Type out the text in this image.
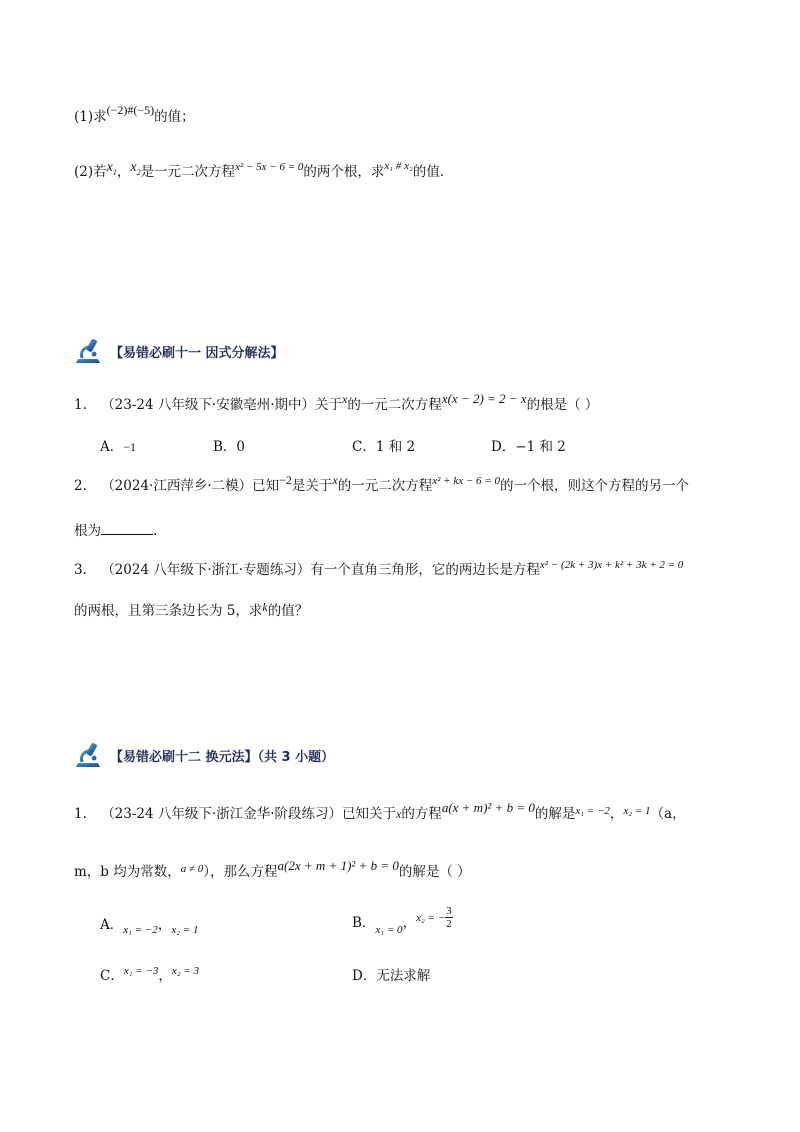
(1)求(−2)#(−5)的值；
(2)若$x_1$，$x_2$是一元二次方程$^{x^2 - 5x - 6 = 0}$的两个根，求$^{x_1 \# x_2}$的值.
【易错必刷十一 因式分解法】
1. （23-24 八年级下·安徽亳州·期中）关于x的一元二次方程x(x − 2) = 2 − x的根是（ ）
A．−1	B．0	C．1 和 2	D．−1 和 2
2. （2024·江西萍乡·二模）已知−2是关于x的一元二次方程$^{x^2 + kx - 6 = 0}$的一个根，则这个方程的另一个
根为	.
3. （2024 八年级下·浙江·专题练习）有一个直角三角形，它的两边长是方程$^{x^2 - (2k + 3)x + k^2 + 3k + 2 = 0}$
的两根，且第三条边长为 5，求k的值？
【易错必刷十二 换元法】（共 3 小题）
1. （23-24 八年级下·浙江金华·阶段练习）已知关于x的方程a(x + m)² + b = 0的解是$^{x_1 = -2}$，$^{x_2 = 1}$（a，
m，b 均为常数，$^{a \ne 0}$），那么方程a(2x + m + 1)² + b = 0的解是（ ）
A．$_{x_1 = -2}$，$_{x_2 = 1}$	B．$_{x_1 = 0}$，x₂ = − $\frac{3}{2}$
C．x₁ = −3，x₂ = 3	D．无法求解
